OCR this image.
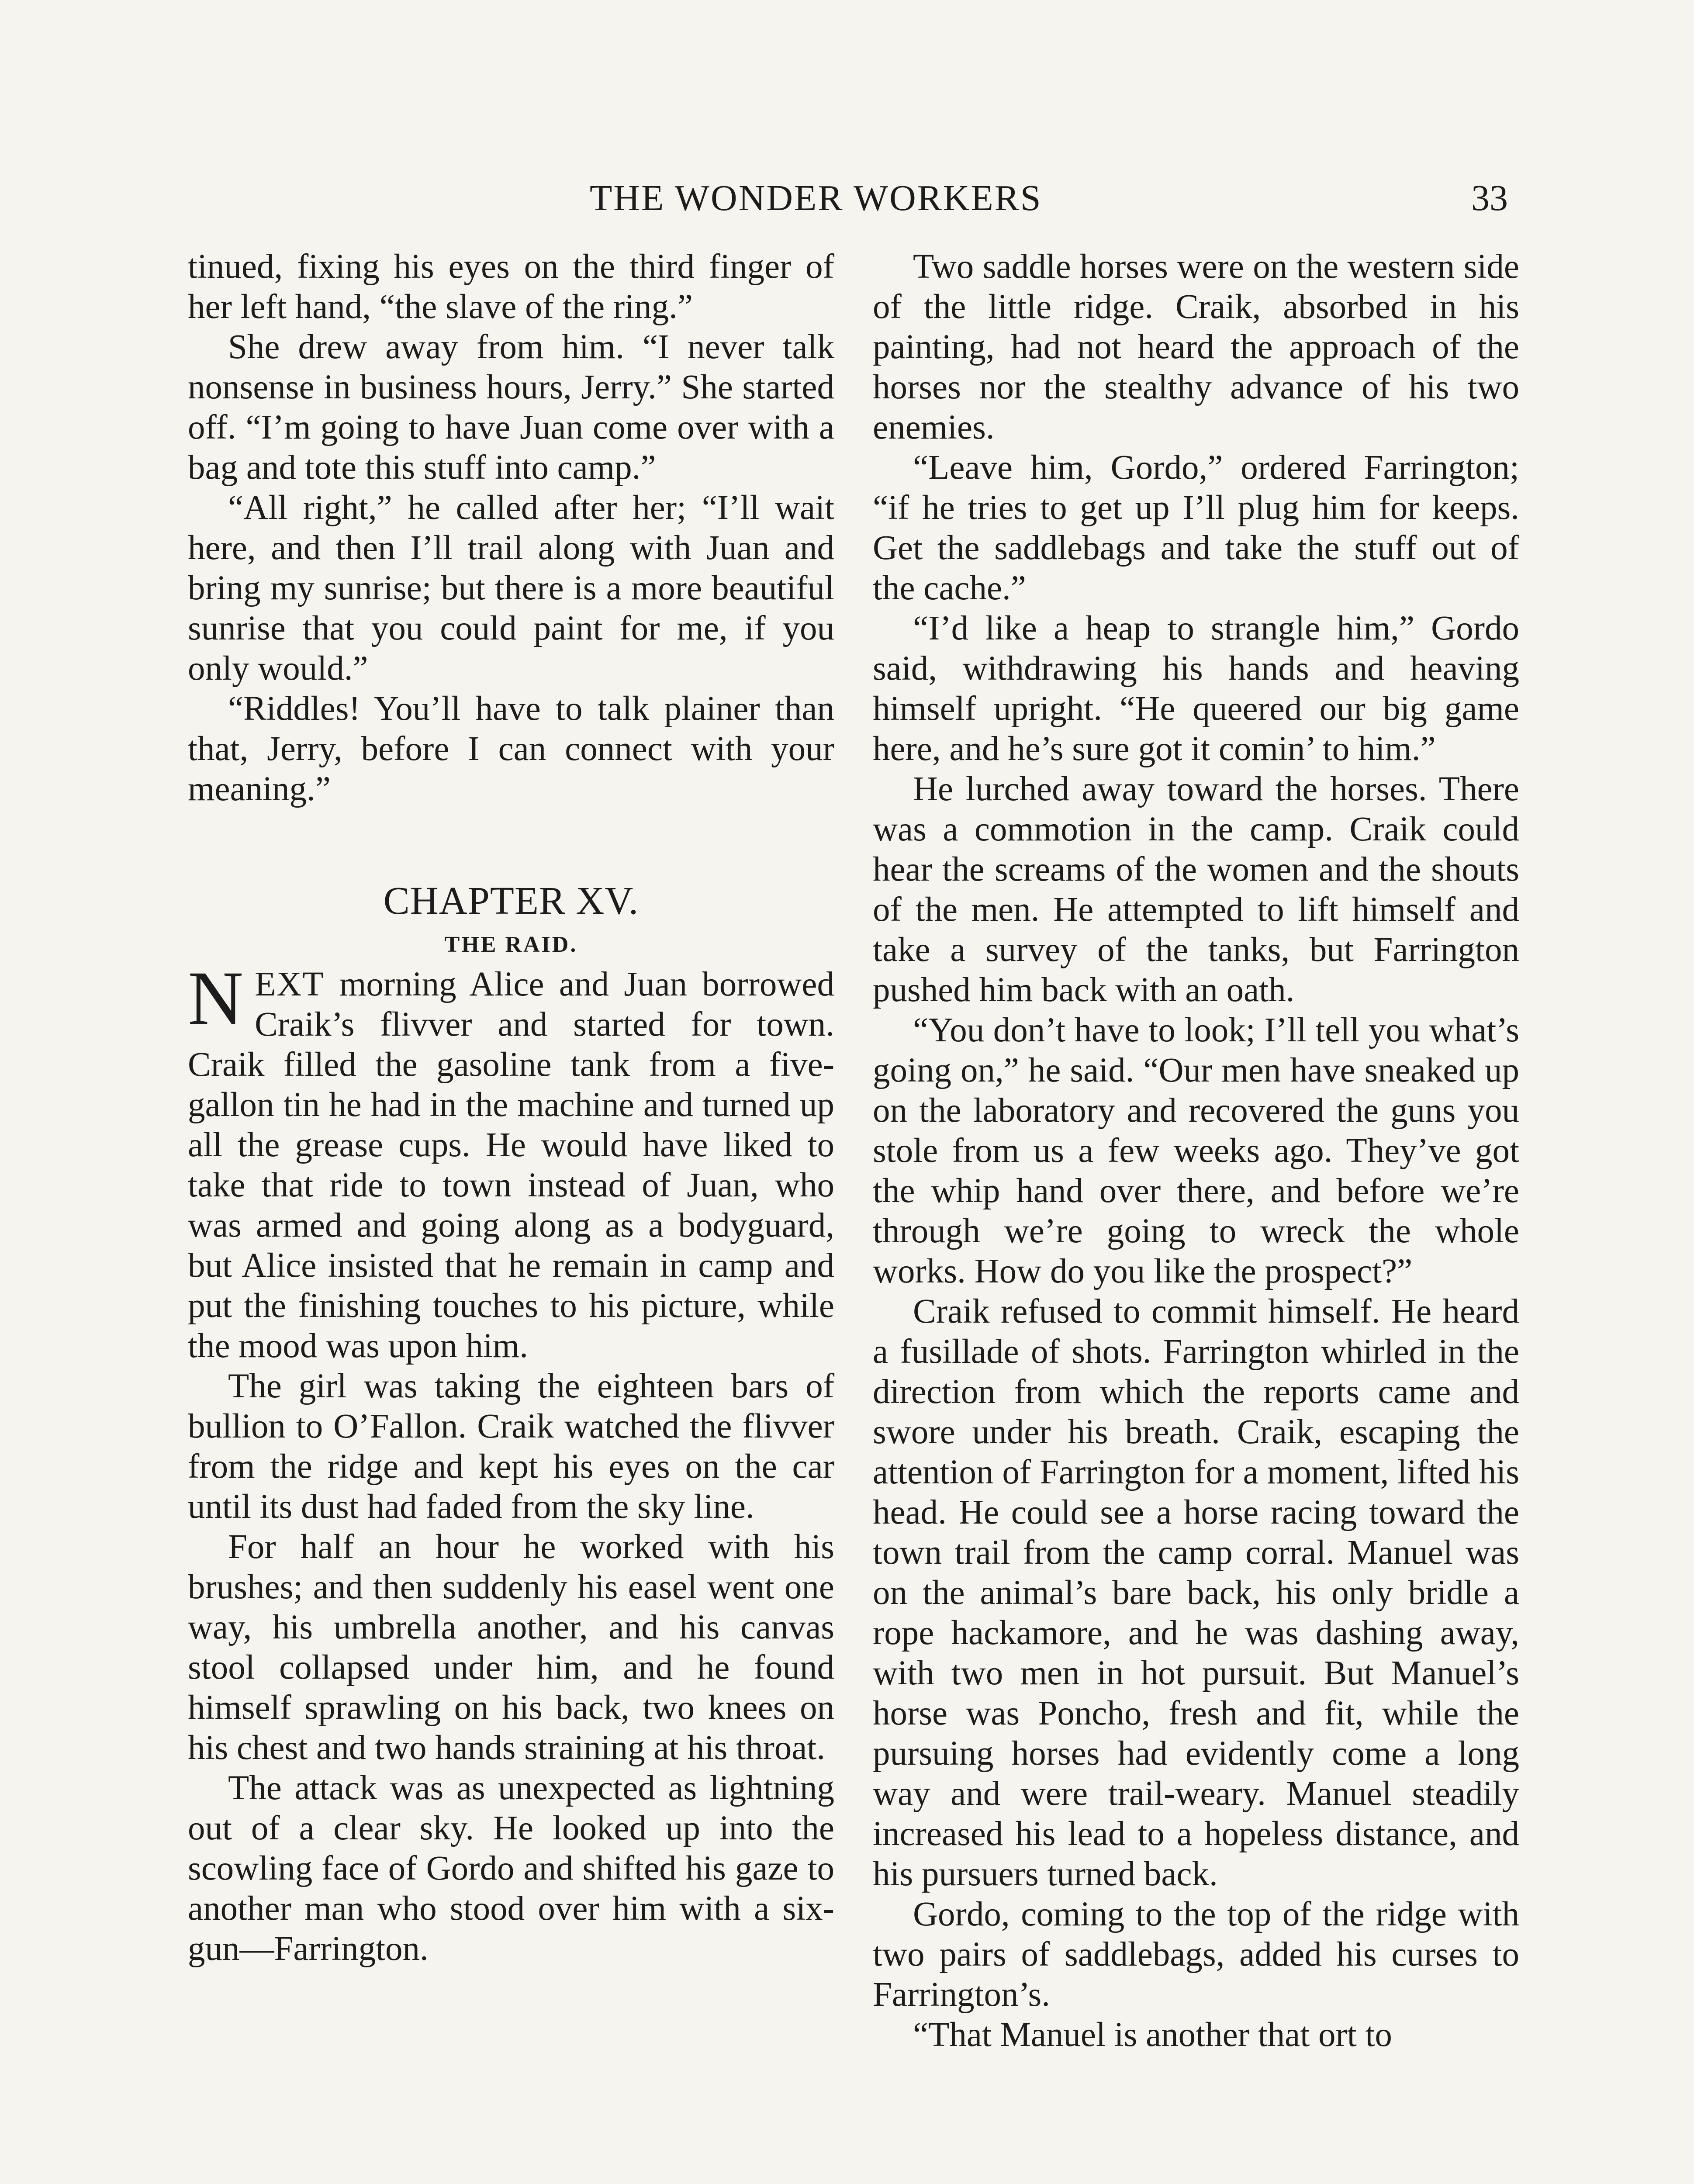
THE WONDER WORKERS	33

tinued, fixing his eyes on the third finger of her left hand, “the slave of the ring.”

She drew away from him. “I never talk nonsense in business hours, Jerry.” She started off. “I’m going to have Juan come over with a bag and tote this stuff into camp.”

“All right,” he called after her; “I’ll wait here, and then I’ll trail along with Juan and bring my sunrise; but there is a more beautiful sunrise that you could paint for me, if you only would.”

“Riddles! You’ll have to talk plainer than that, Jerry, before I can connect with your meaning.”

CHAPTER XV.
THE RAID.

NEXT morning Alice and Juan borrowed Craik’s flivver and started for town. Craik filled the gasoline tank from a five-gallon tin he had in the machine and turned up all the grease cups. He would have liked to take that ride to town instead of Juan, who was armed and going along as a bodyguard, but Alice insisted that he remain in camp and put the finishing touches to his picture, while the mood was upon him.

The girl was taking the eighteen bars of bullion to O’Fallon. Craik watched the flivver from the ridge and kept his eyes on the car until its dust had faded from the sky line.

For half an hour he worked with his brushes; and then suddenly his easel went one way, his umbrella another, and his canvas stool collapsed under him, and he found himself sprawling on his back, two knees on his chest and two hands straining at his throat.

The attack was as unexpected as lightning out of a clear sky. He looked up into the scowling face of Gordo and shifted his gaze to another man who stood over him with a six-gun—Farrington.

Two saddle horses were on the western side of the little ridge. Craik, absorbed in his painting, had not heard the approach of the horses nor the stealthy advance of his two enemies.

“Leave him, Gordo,” ordered Farrington; “if he tries to get up I’ll plug him for keeps. Get the saddlebags and take the stuff out of the cache.”

“I’d like a heap to strangle him,” Gordo said, withdrawing his hands and heaving himself upright. “He queered our big game here, and he’s sure got it comin’ to him.”

He lurched away toward the horses. There was a commotion in the camp. Craik could hear the screams of the women and the shouts of the men. He attempted to lift himself and take a survey of the tanks, but Farrington pushed him back with an oath.

“You don’t have to look; I’ll tell you what’s going on,” he said. “Our men have sneaked up on the laboratory and recovered the guns you stole from us a few weeks ago. They’ve got the whip hand over there, and before we’re through we’re going to wreck the whole works. How do you like the prospect?”

Craik refused to commit himself. He heard a fusillade of shots. Farrington whirled in the direction from which the reports came and swore under his breath. Craik, escaping the attention of Farrington for a moment, lifted his head. He could see a horse racing toward the town trail from the camp corral. Manuel was on the animal’s bare back, his only bridle a rope hackamore, and he was dashing away, with two men in hot pursuit. But Manuel’s horse was Poncho, fresh and fit, while the pursuing horses had evidently come a long way and were trail-weary. Manuel steadily increased his lead to a hopeless distance, and his pursuers turned back.

Gordo, coming to the top of the ridge with two pairs of saddlebags, added his curses to Farrington’s.

“That Manuel is another that ort to
